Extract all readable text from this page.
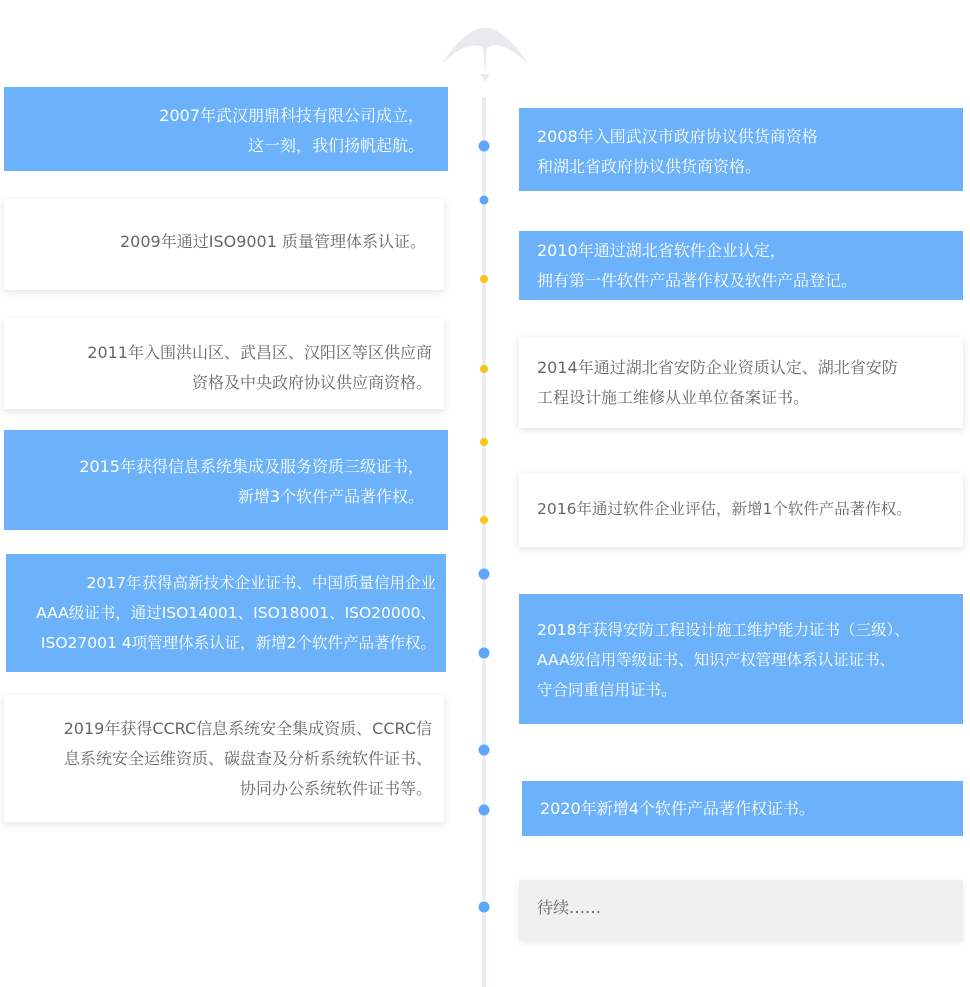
2007年武汉朋鼎科技有限公司成立，
这一刻，我们扬帆起航。
2009年通过ISO9001 质量管理体系认证。
2011年入围洪山区、武昌区、汉阳区等区供应商
资格及中央政府协议供应商资格。
2015年获得信息系统集成及服务资质三级证书，
新增3个软件产品著作权。
2017年获得高新技术企业证书、中国质量信用企业
AAA级证书，通过ISO14001、ISO18001、ISO20000、
ISO27001 4项管理体系认证，新增2个软件产品著作权。
2019年获得CCRC信息系统安全集成资质、CCRC信
息系统安全运维资质、碳盘查及分析系统软件证书、
协同办公系统软件证书等。
2008年入围武汉市政府协议供货商资格
和湖北省政府协议供货商资格。
2010年通过湖北省软件企业认定，
拥有第一件软件产品著作权及软件产品登记。
2014年通过湖北省安防企业资质认定、湖北省安防
工程设计施工维修从业单位备案证书。
2016年通过软件企业评估，新增1个软件产品著作权。
2018年获得安防工程设计施工维护能力证书（三级）、
AAA级信用等级证书、知识产权管理体系认证证书、
守合同重信用证书。
2020年新增4个软件产品著作权证书。
待续……
